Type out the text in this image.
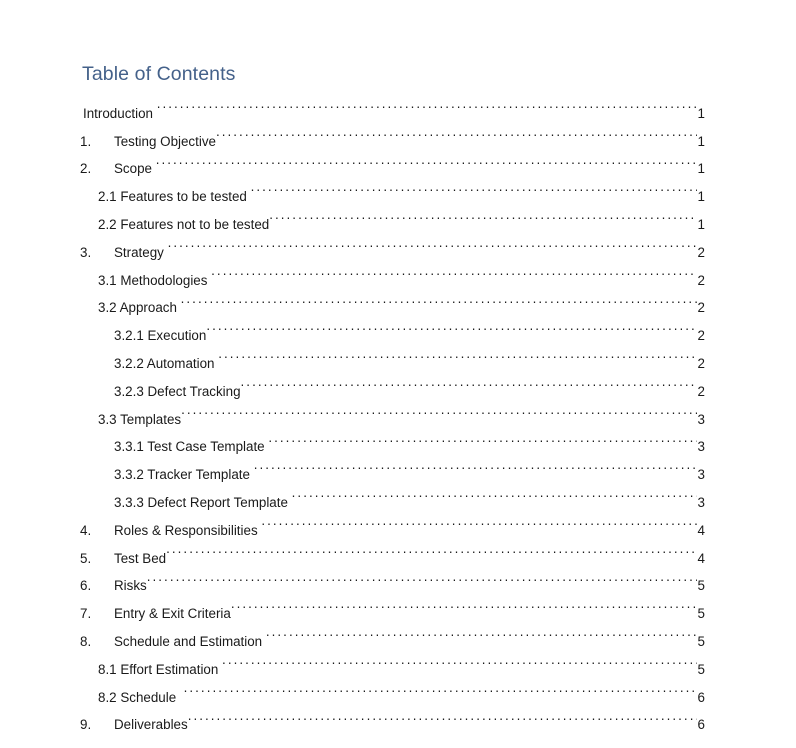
Table of Contents
Introduction .....	1
1.	Testing Objective .....	1
2.	Scope .....	1
2.1 Features to be tested .....	1
2.2 Features not to be tested .....	1
3.	Strategy .....	2
3.1 Methodologies .....	2
3.2 Approach .....	2
3.2.1 Execution .....	2
3.2.2 Automation .....	2
3.2.3 Defect Tracking .....	2
3.3 Templates .....	3
3.3.1 Test Case Template .....	3
3.3.2 Tracker Template .....	3
3.3.3 Defect Report Template .....	3
4.	Roles & Responsibilities .....	4
5.	Test Bed .....	4
6.	Risks .....	5
7.	Entry & Exit Criteria .....	5
8.	Schedule and Estimation .....	5
8.1 Effort Estimation .....	5
8.2 Schedule .....	6
9.	Deliverables .....	6
